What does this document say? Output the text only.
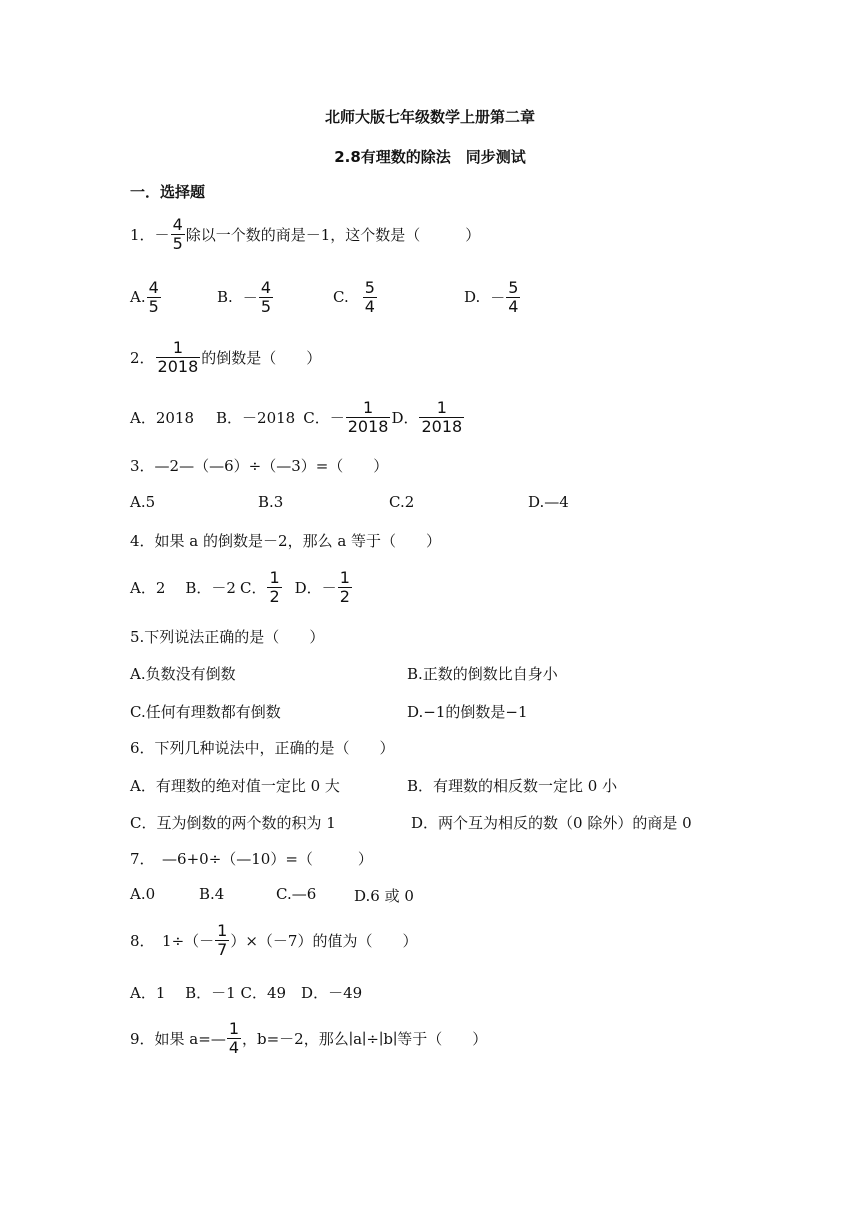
北师大版七年级数学上册第二章
2.8有理数的除法　同步测试
一．选择题
1． － $\frac{4}{5}$ 除以一个数的商是－1，这个数是（　　　）
A. $\frac{4}{5}$	B. － $\frac{4}{5}$	C. $\frac{5}{4}$	D. － $\frac{5}{4}$
2． $\frac{1}{2018}$ 的倒数是（　　）
A．2018 B．－2018 C． － $\frac{1}{2018}$ D． $\frac{1}{2018}$
3．—2—（—6）÷（—3）=（　　）
A.5	B.3	C.2	D.—4
4．如果 a 的倒数是－2，那么 a 等于（　　）
A．2 B．－2 C． $\frac{1}{2}$ D． － $\frac{1}{2}$
5.下列说法正确的是（　　）
A.负数没有倒数	B.正数的倒数比自身小
C.任何有理数都有倒数	D.−1的倒数是−1
6．下列几种说法中，正确的是（　　）
A．有理数的绝对值一定比 0 大	B．有理数的相反数一定比 0 小
C．互为倒数的两个数的积为 1	D．两个互为相反的数（0 除外）的商是 0
7．　—6+0÷（—10）=（　　　）
A.0	B.4	C.—6	D.6 或 0
8．　$1\div(- \frac{1}{7} )\times(-7)$的值为（　　）
A．1　 B．－1 C．49　D．－49
9．如果 a=— $\frac{1}{4}$ ，b=－2，那么∣a∣÷∣b∣等于（　　）
